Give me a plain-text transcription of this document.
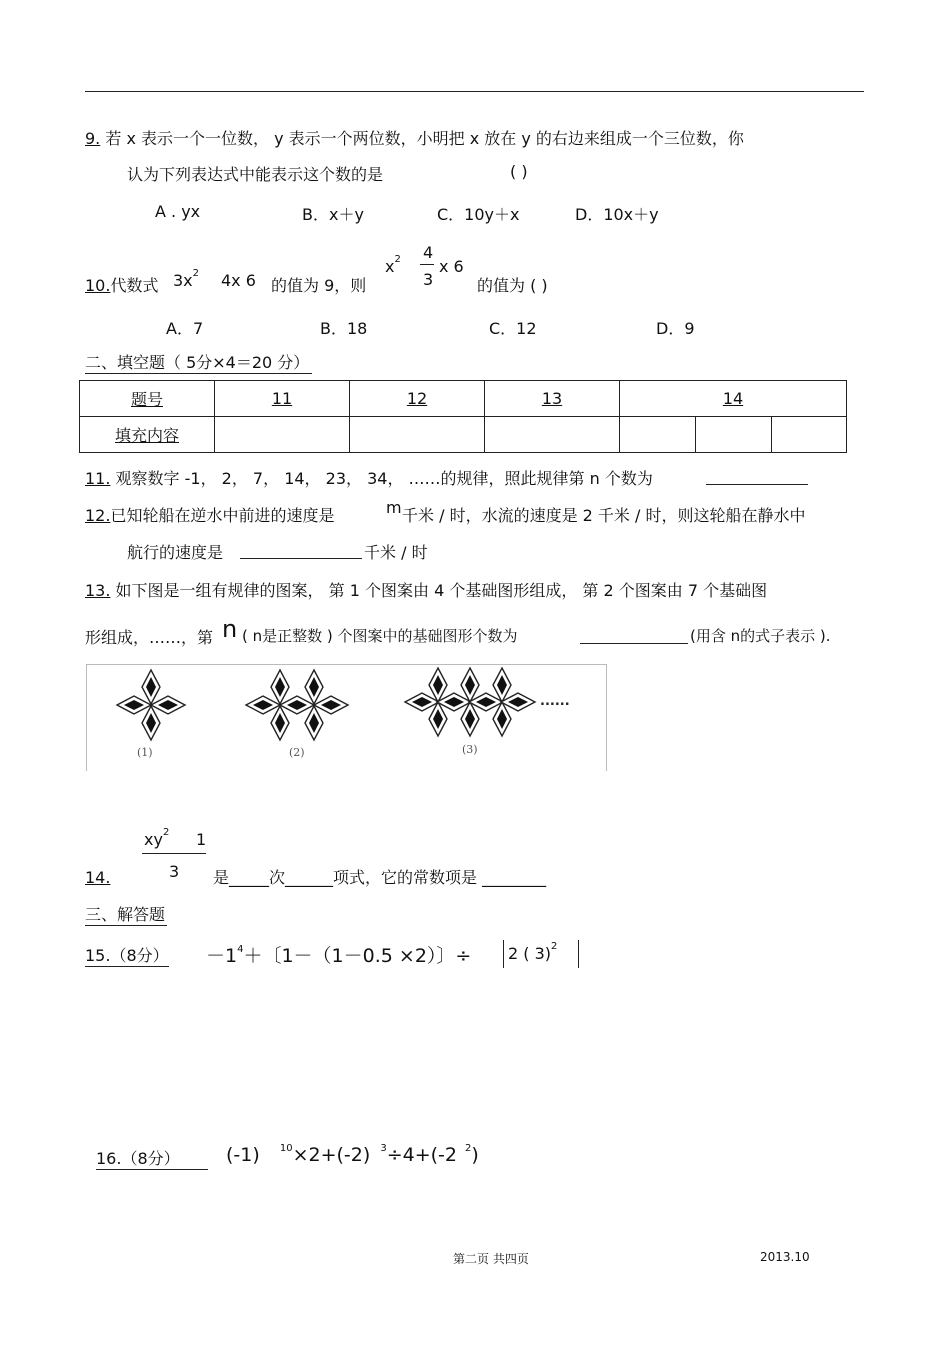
9. 若 x 表示一个一位数， y 表示一个两位数，小明把 x 放在 y 的右边来组成一个三位数，你
认为下列表达式中能表示这个数的是	( )
A . yx	B．x＋y	C．10y＋x	D．10x＋y
10.代数式 $3x^2$ 4x 6 的值为 9，则
$x^2$ 4
3
x 6
的值为 ( )
A．7	B．18	C．12	D．9
二、填空题（ 5分×4＝20 分）
题号	11	12	13	14		
填充内容						
11. 观察数字 -1， 2， 7， 14， 23， 34， ……的规律，照此规律第 n 个数为
12.已知轮船在逆水中前进的速度是	m 千米 / 时，水流的速度是 2 千米 / 时，则这轮船在静水中
航行的速度是	千米 / 时
13. 如下图是一组有规律的图案， 第 1 个图案由 4 个基础图形组成， 第 2 个图案由 7 个基础图
形组成，……，第 n ( n是正整数 ) 个图案中的基础图形个数为	(用含 n的式子表示 ).
(1)	(2)	(3)
......
$xy^2$ 1
3
14.	是_____次______项式，它的常数项是 ________
三、解答题
15.（8分） $-1^4+$〔1－（1－0.5 ×2）〕÷ 2 ( 3)$^2$
16.（8分）	(-1) $^{10}$×2+(-2) $^3$÷4+(-2 $^2$)
第二页 共四页	2013.10
